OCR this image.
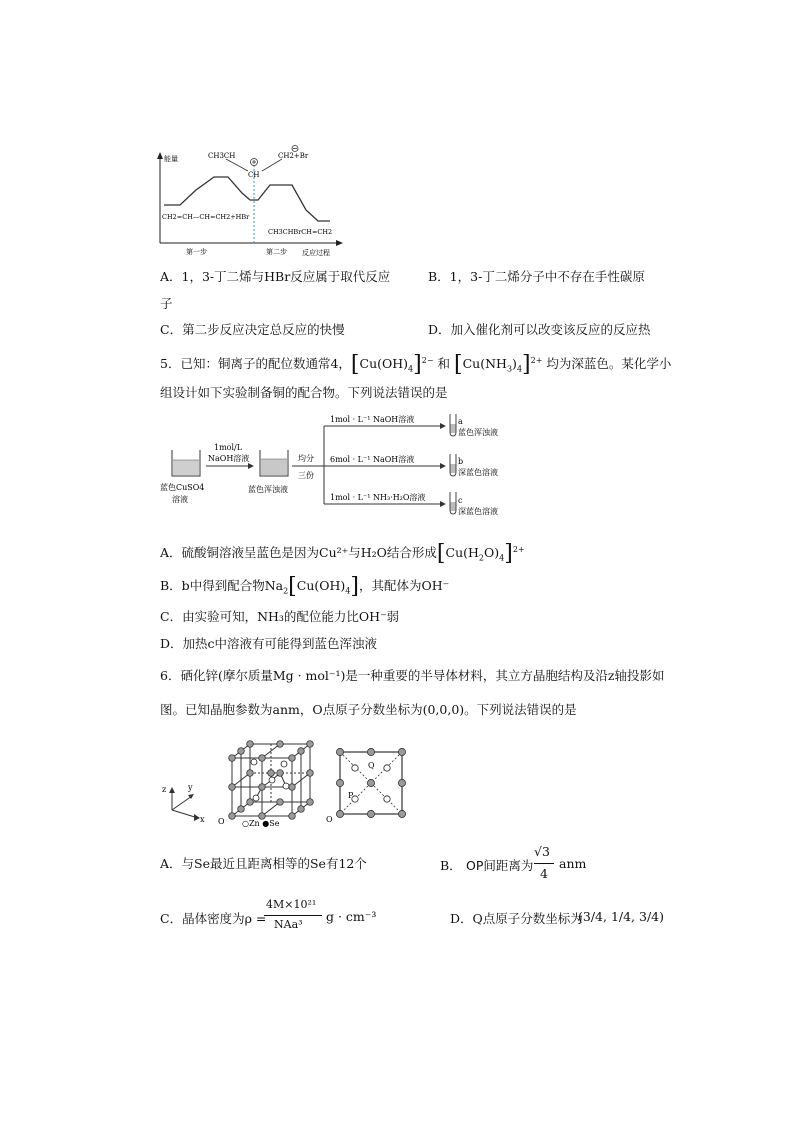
能量	CH3CH
CH
CH2+Br
CH2=CH—CH=CH2+HBr
CH3CHBrCH=CH2
第一步	第二步 反应过程
A．1，3-丁二烯与HBr反应属于取代反应	B．1，3-丁二烯分子中不存在手性碳原
子
C．第二步反应决定总反应的快慢	D．加入催化剂可以改变该反应的反应热
5．已知：铜离子的配位数通常4，$[Cu(OH)_4]^{2-}$ 和 $[Cu(NH_3)_4]^{2+}$ 均为深蓝色。某化学小
组设计如下实验制备铜的配合物。下列说法错误的是
蓝色CuSO4
溶液
1mol/L
NaOH溶液
蓝色浑浊液
均分
三份
1mol · L⁻¹ NaOH溶液
6mol · L⁻¹ NaOH溶液
1mol · L⁻¹ NH₃·H₂O溶液
a
蓝色浑浊液
b
深蓝色溶液
c
深蓝色溶液
A．硫酸铜溶液呈蓝色是因为Cu²⁺与H₂O结合形成$[Cu(H_2O)_4]^{2+}$
B．b中得到配合物$Na_2[Cu(OH)_4]$，其配体为OH⁻
C．由实验可知，NH₃的配位能力比OH⁻弱
D．加热c中溶液有可能得到蓝色浑浊液
6．硒化锌(摩尔质量Mg · mol⁻¹)是一种重要的半导体材料，其立方晶胞结构及沿z轴投影如
图。已知晶胞参数为anm，O点原子分数坐标为(0,0,0)。下列说法错误的是
z	y
x O ○Zn ●Se	O
Q
P
A．与Se最近且距离相等的Se有12个	B． OP间距离为
√3
4
anm
C．晶体密度为ρ =
4M×10²¹
NAa³
g · cm⁻³	D．Q点原子分数坐标为
(3/4, 1/4, 3/4)
